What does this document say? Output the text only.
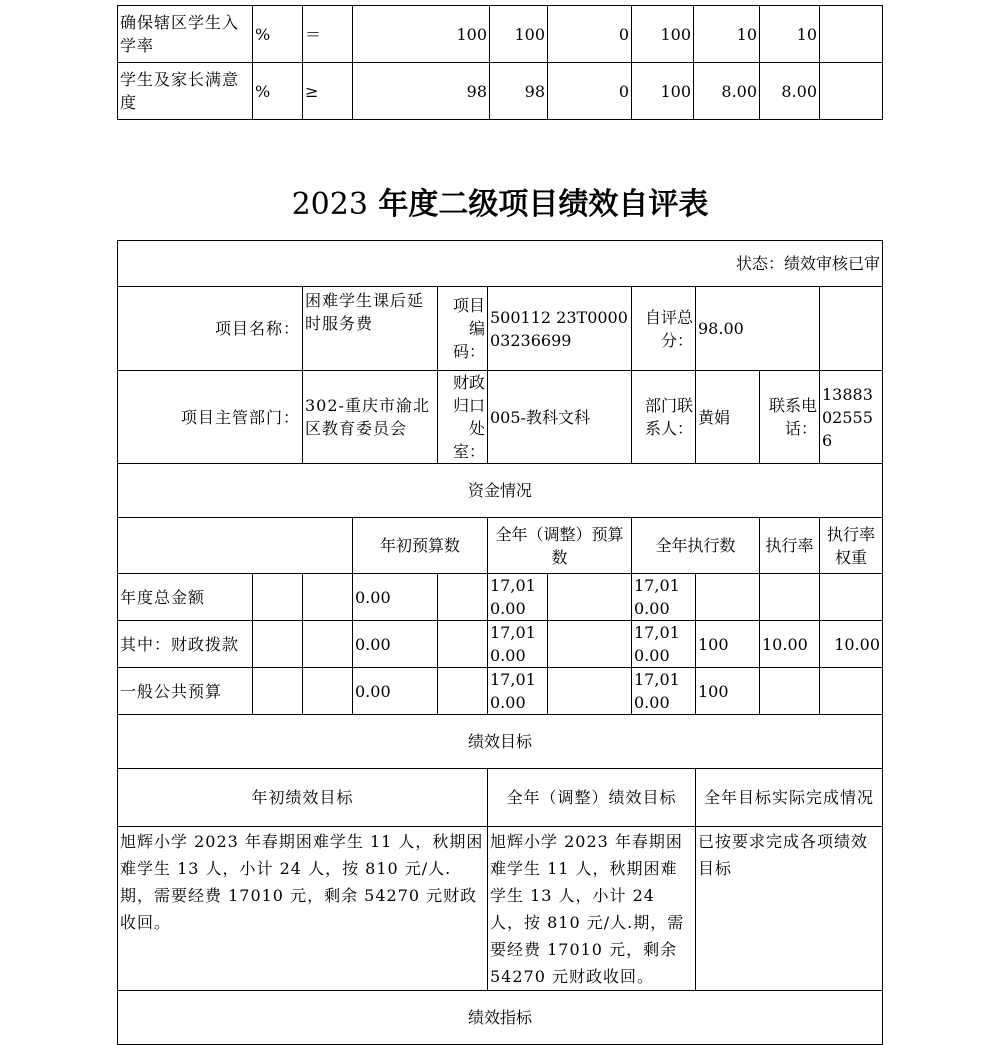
确保辖区学生入学率	%	＝	100	100	0	100	10	10	
学生及家长满意度	%	≥	98	98	0	100	8.00	8.00	
2023 年度二级项目绩效自评表
状态：绩效审核已审										
项目名称：		困难学生课后延时服务费		项目编码：	500112 23T000003236699		自评总分：	98.00		
项目主管部门：		302-重庆市渝北区教育委员会		财政归口处室：	005-教科文科		部门联系人：	黄娟	联系电话：	13883025556
资金情况										
			年初预算数		全年（调整）预算数		全年执行数		执行率	执行率权重
年度总金额			0.00		17,010.00		17,010.00			
其中：财政拨款			0.00		17,010.00		17,010.00	100	10.00	10.00
一般公共预算			0.00		17,010.00		17,010.00	100		
绩效目标										
年初绩效目标					全年（调整）绩效目标			全年目标实际完成情况		
旭辉小学 2023 年春期困难学生 11 人，秋期困难学生 13 人，小计 24 人，按 810 元/人.期，需要经费 17010 元，剩余 54270 元财政收回。					旭辉小学 2023 年春期困难学生 11 人，秋期困难学生 13 人，小计 24 人，按 810 元/人.期，需要经费 17010 元，剩余 54270 元财政收回。			已按要求完成各项绩效目标		
绩效指标										
